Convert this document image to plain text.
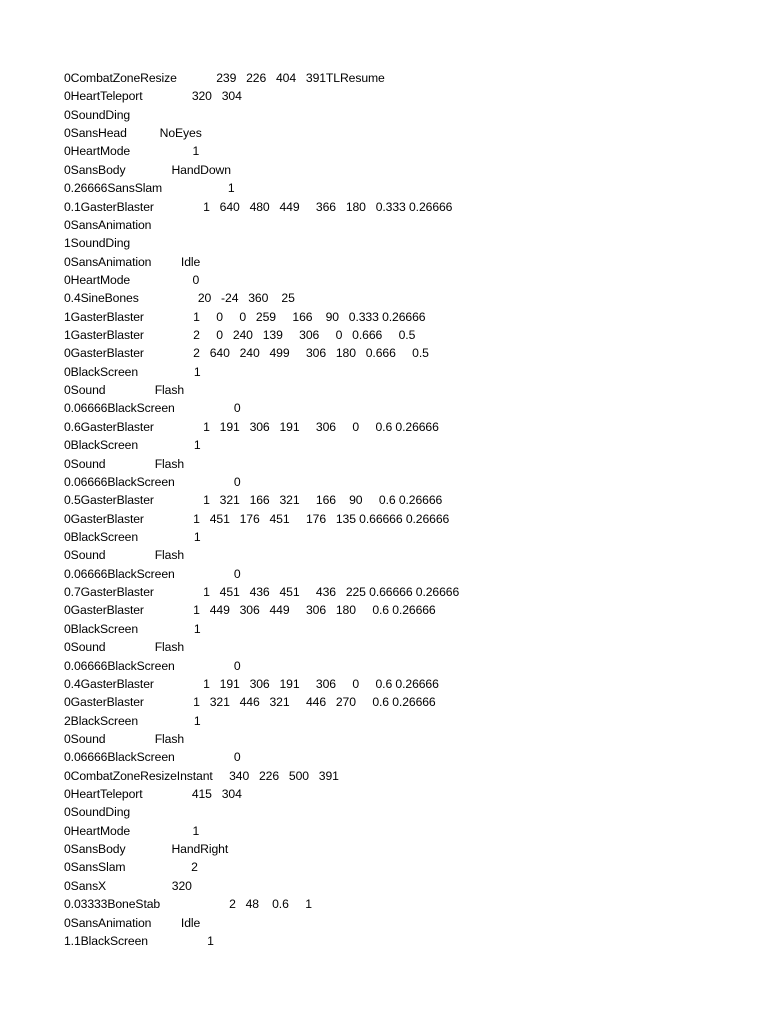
0CombatZoneResize            239   226   404   391TLResume
0HeartTeleport               320   304
0SoundDing
0SansHead          NoEyes
0HeartMode                   1
0SansBody              HandDown
0.26666SansSlam                    1
0.1GasterBlaster               1   640   480   449     366   180   0.333 0.26666
0SansAnimation
1SoundDing
0SansAnimation         Idle
0HeartMode                   0
0.4SineBones                  20   -24   360    25
1GasterBlaster               1     0     0   259     166    90   0.333 0.26666
1GasterBlaster               2     0   240   139     306     0   0.666     0.5
0GasterBlaster               2   640   240   499     306   180   0.666     0.5
0BlackScreen                 1
0Sound               Flash
0.06666BlackScreen                  0
0.6GasterBlaster               1   191   306   191     306     0     0.6 0.26666
0BlackScreen                 1
0Sound               Flash
0.06666BlackScreen                  0
0.5GasterBlaster               1   321   166   321     166    90     0.6 0.26666
0GasterBlaster               1   451   176   451     176   135 0.66666 0.26666
0BlackScreen                 1
0Sound               Flash
0.06666BlackScreen                  0
0.7GasterBlaster               1   451   436   451     436   225 0.66666 0.26666
0GasterBlaster               1   449   306   449     306   180     0.6 0.26666
0BlackScreen                 1
0Sound               Flash
0.06666BlackScreen                  0
0.4GasterBlaster               1   191   306   191     306     0     0.6 0.26666
0GasterBlaster               1   321   446   321     446   270     0.6 0.26666
2BlackScreen                 1
0Sound               Flash
0.06666BlackScreen                  0
0CombatZoneResizeInstant     340   226   500   391
0HeartTeleport               415   304
0SoundDing
0HeartMode                   1
0SansBody              HandRight
0SansSlam                    2
0SansX                    320
0.03333BoneStab                     2   48    0.6     1
0SansAnimation         Idle
1.1BlackScreen                  1
